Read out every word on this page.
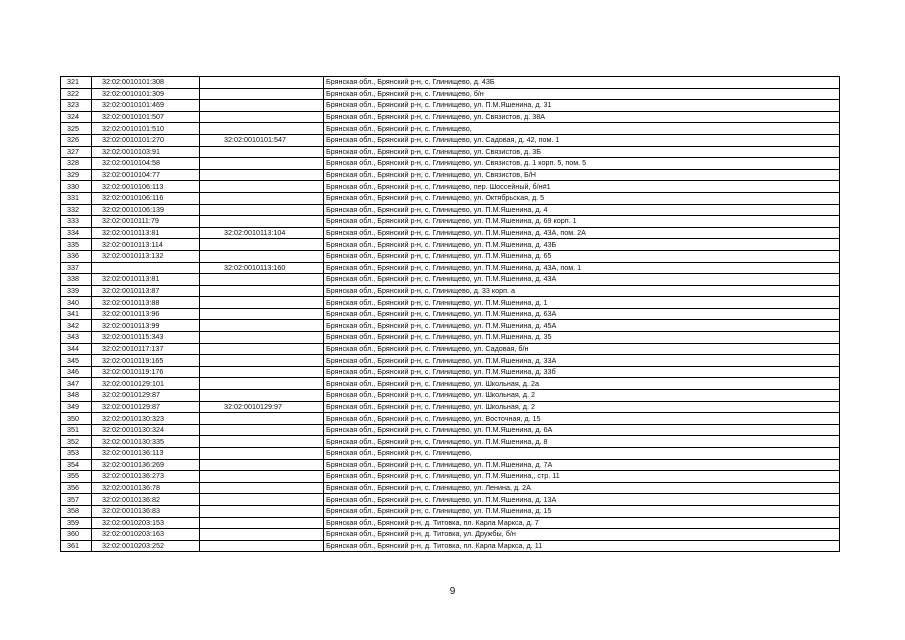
321	32:02:0010101:308		Брянская обл., Брянский р-н, с. Глинищево, д. 43Б
322	32:02:0010101:309		Брянская обл., Брянский р-н, с. Глинищево, б/н
323	32:02:0010101:469		Брянская обл., Брянский р-н, с. Глинищево, ул. П.М.Яшенина, д. 31
324	32:02:0010101:507		Брянская обл., Брянский р-н, с. Глинищево, ул. Связистов, д. 38А
325	32:02:0010101:510		Брянская обл., Брянский р-н, с. Глинищево,
326	32:02:0010101:270	32:02:0010101:547	Брянская обл., Брянский р-н, с. Глинищево, ул. Садовая, д. 42, пом. 1
327	32:02:0010103:91		Брянская обл., Брянский р-н, с. Глинищево, ул. Связистов, д. 3Б
328	32:02:0010104:58		Брянская обл., Брянский р-н, с. Глинищево, ул. Связистов, д. 1 корп. 5, пом. 5
329	32:02:0010104:77		Брянская обл., Брянский р-н, с. Глинищево, ул. Связистов, Б/Н
330	32:02:0010106:113		Брянская обл., Брянский р-н, с. Глинищево, пер. Шоссейный, б/н#1
331	32:02:0010106:116		Брянская обл., Брянский р-н, с. Глинищево, ул. Октябрьская, д. 5
332	32:02:0010106:139		Брянская обл., Брянский р-н, с. Глинищево, ул. П.М.Яшенина, д. 4
333	32:02:0010111:79		Брянская обл., Брянский р-н, с. Глинищево, ул. П.М.Яшенина, д. 69 корп. 1
334	32:02:0010113:81	32:02:0010113:104	Брянская обл., Брянский р-н, с. Глинищево, ул. П.М.Яшенина, д. 43А, пом. 2А
335	32:02:0010113:114		Брянская обл., Брянский р-н, с. Глинищево, ул. П.М.Яшенина, д. 43Б
336	32:02:0010113:132		Брянская обл., Брянский р-н, с. Глинищево, ул. П.М.Яшенина, д. 65
337		32:02:0010113:160	Брянская обл., Брянский р-н, с. Глинищево, ул. П.М.Яшенина, д. 43А, пом. 1
338	32:02:0010113:81		Брянская обл., Брянский р-н, с. Глинищево, ул. П.М.Яшенина, д. 43А
339	32:02:0010113:87		Брянская обл., Брянский р-н, с. Глинищево, д. 33 корп. а
340	32:02:0010113:88		Брянская обл., Брянский р-н, с. Глинищево, ул. П.М.Яшенина, д. 1
341	32:02:0010113:96		Брянская обл., Брянский р-н, с. Глинищево, ул. П.М.Яшенина, д. 63А
342	32:02:0010113:99		Брянская обл., Брянский р-н, с. Глинищево, ул. П.М.Яшенина, д. 45А
343	32:02:0010115:343		Брянская обл., Брянский р-н, с. Глинищево, ул. П.М.Яшенина, д. 35
344	32:02:0010117:137		Брянская обл., Брянский р-н, с. Глинищево, ул. Садовая, б/н
345	32:02:0010119:165		Брянская обл., Брянский р-н, с. Глинищево, ул. П.М.Яшенина, д. 33А
346	32:02:0010119:176		Брянская обл., Брянский р-н, с. Глинищево, ул. П.М.Яшенина, д. 33б
347	32:02:0010129:101		Брянская обл., Брянский р-н, с. Глинищево, ул. Школьная, д. 2а
348	32:02:0010129:87		Брянская обл., Брянский р-н, с. Глинищево, ул. Школьная, д. 2
349	32:02:0010129:87	32:02:0010129:97	Брянская обл., Брянский р-н, с. Глинищево, ул. Школьная, д. 2
350	32:02:0010130:323		Брянская обл., Брянский р-н, с. Глинищево, ул. Восточная, д. 15
351	32:02:0010130:324		Брянская обл., Брянский р-н, с. Глинищево, ул. П.М.Яшенина, д. 6А
352	32:02:0010130:335		Брянская обл., Брянский р-н, с. Глинищево, ул. П.М.Яшенина, д. 8
353	32:02:0010136:113		Брянская обл., Брянский р-н, с. Глинищево,
354	32:02:0010136:269		Брянская обл., Брянский р-н, с. Глинищево, ул. П.М.Яшенина, д. 7А
355	32:02:0010136:273		Брянская обл., Брянский р-н, с. Глинищево, ул. П.М.Яшенина,, стр. 11
356	32:02:0010136:78		Брянская обл., Брянский р-н, с. Глинищево, ул. Ленина, д. 2А
357	32:02:0010136:82		Брянская обл., Брянский р-н, с. Глинищево, ул. П.М.Яшенина, д. 13А
358	32:02:0010136:83		Брянская обл., Брянский р-н, с. Глинищево, ул. П.М.Яшенина, д. 15
359	32:02:0010203:153		Брянская обл., Брянский р-н, д. Титовка, пл. Карла Маркса, д. 7
360	32:02:0010203:163		Брянская обл., Брянский р-н, д. Титовка, ул. Дружбы, б/н
361	32:02:0010203:252		Брянская обл., Брянский р-н, д. Титовка, пл. Карла Маркса, д. 11
9
